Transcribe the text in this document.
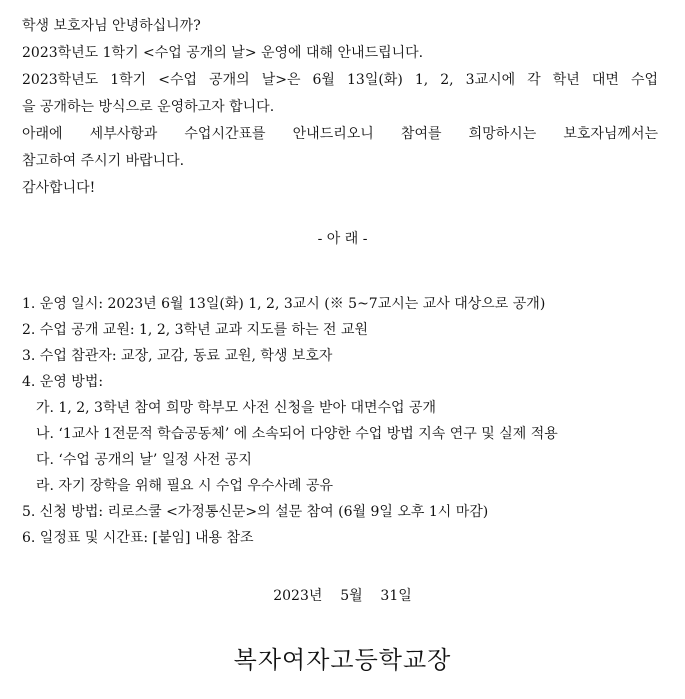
학생 보호자님 안녕하십니까?
2023학년도 1학기 <수업 공개의 날> 운영에 대해 안내드립니다.
2023학년도 1학기 <수업 공개의 날>은 6월 13일(화) 1, 2, 3교시에 각 학년 대면 수업
을 공개하는 방식으로 운영하고자 합니다.
아래에 세부사항과 수업시간표를 안내드리오니 참여를 희망하시는 보호자님께서는
참고하여 주시기 바랍니다.
감사합니다!
- 아 래 -
1. 운영 일시: 2023년 6월 13일(화) 1, 2, 3교시 (※ 5~7교시는 교사 대상으로 공개)
2. 수업 공개 교원: 1, 2, 3학년 교과 지도를 하는 전 교원
3. 수업 참관자: 교장, 교감, 동료 교원, 학생 보호자
4. 운영 방법:
가. 1, 2, 3학년 참여 희망 학부모 사전 신청을 받아 대면수업 공개
나. ‘1교사 1전문적 학습공동체’ 에 소속되어 다양한 수업 방법 지속 연구 및 실제 적용
다. ‘수업 공개의 날’ 일정 사전 공지
라. 자기 장학을 위해 필요 시 수업 우수사례 공유
5. 신청 방법: 리로스쿨 <가정통신문>의 설문 참여 (6월 9일 오후 1시 마감)
6. 일정표 및 시간표: [붙임] 내용 참조
2023년    5월    31일
복자여자고등학교장
